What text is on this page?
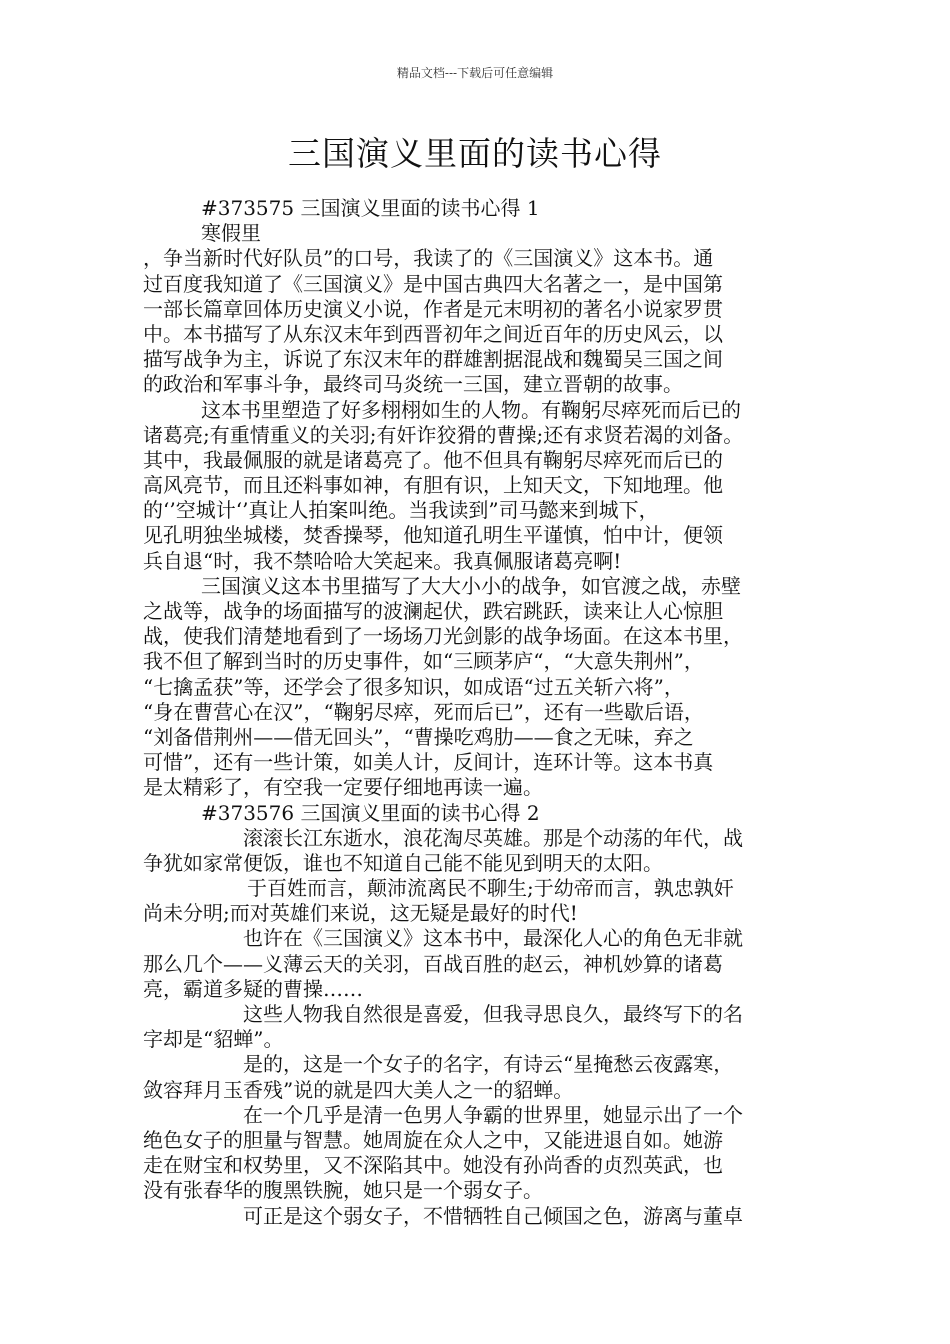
精品文档---下载后可任意编辑
三国演义里面的读书心得
#373575 三国演义里面的读书心得 1
寒假里
，争当新时代好队员”的口号，我读了的《三国演义》这本书。通
过百度我知道了《三国演义》是中国古典四大名著之一，是中国第
一部长篇章回体历史演义小说，作者是元末明初的著名小说家罗贯
中。本书描写了从东汉末年到西晋初年之间近百年的历史风云，以
描写战争为主，诉说了东汉末年的群雄割据混战和魏蜀吴三国之间
的政治和军事斗争，最终司马炎统一三国，建立晋朝的故事。
这本书里塑造了好多栩栩如生的人物。有鞠躬尽瘁死而后已的
诸葛亮;有重情重义的关羽;有奸诈狡猾的曹操;还有求贤若渴的刘备。
其中，我最佩服的就是诸葛亮了。他不但具有鞠躬尽瘁死而后已的
高风亮节，而且还料事如神，有胆有识，上知天文，下知地理。他
的‘’空城计‘’真让人拍案叫绝。当我读到”司马懿来到城下，
见孔明独坐城楼，焚香操琴，他知道孔明生平谨慎，怕中计，便领
兵自退“时，我不禁哈哈大笑起来。我真佩服诸葛亮啊!
三国演义这本书里描写了大大小小的战争，如官渡之战，赤壁
之战等，战争的场面描写的波澜起伏，跌宕跳跃，读来让人心惊胆
战，使我们清楚地看到了一场场刀光剑影的战争场面。在这本书里，
我不但了解到当时的历史事件，如“三顾茅庐“，“大意失荆州”，
“七擒孟获”等，还学会了很多知识，如成语“过五关斩六将”，
“身在曹营心在汉”，“鞠躬尽瘁，死而后已”，还有一些歇后语，
“刘备借荆州——借无回头”，“曹操吃鸡肋——食之无味，弃之
可惜”，还有一些计策，如美人计，反间计，连环计等。这本书真
是太精彩了，有空我一定要仔细地再读一遍。
#373576 三国演义里面的读书心得 2
滚滚长江东逝水，浪花淘尽英雄。那是个动荡的年代，战
争犹如家常便饭，谁也不知道自己能不能见到明天的太阳。
于百姓而言，颠沛流离民不聊生;于幼帝而言，孰忠孰奸
尚未分明;而对英雄们来说，这无疑是最好的时代!
也许在《三国演义》这本书中，最深化人心的角色无非就
那么几个——义薄云天的关羽，百战百胜的赵云，神机妙算的诸葛
亮，霸道多疑的曹操……
这些人物我自然很是喜爱，但我寻思良久，最终写下的名
字却是“貂蝉”。
是的，这是一个女子的名字，有诗云“星掩愁云夜露寒，
敛容拜月玉香残”说的就是四大美人之一的貂蝉。
在一个几乎是清一色男人争霸的世界里，她显示出了一个
绝色女子的胆量与智慧。她周旋在众人之中，又能进退自如。她游
走在财宝和权势里，又不深陷其中。她没有孙尚香的贞烈英武，也
没有张春华的腹黑铁腕，她只是一个弱女子。
可正是这个弱女子，不惜牺牲自己倾国之色，游离与董卓
